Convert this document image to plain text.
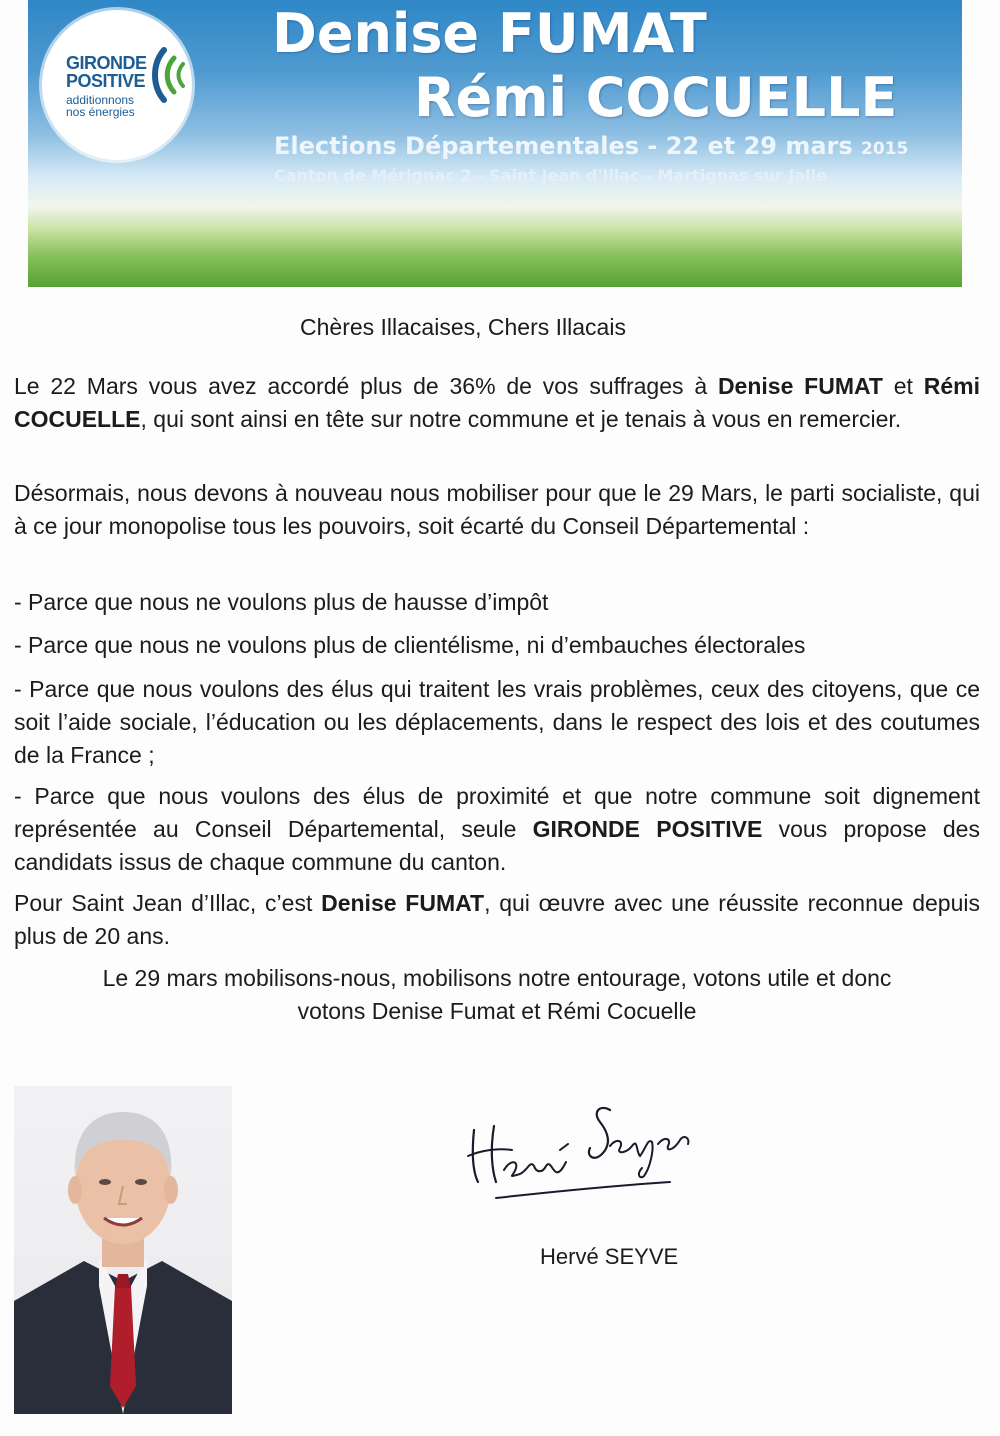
GIRONDE
POSITIVE
additionnons
nos énergies
Denise FUMAT
Rémi COCUELLE
Elections Départementales - 22 et 29 mars 2015
Canton de Mérignac 2 - Saint Jean d'Illac - Martignas sur Jalle
Chères Illacaises, Chers Illacais
Le 22 Mars vous avez accordé plus de 36% de vos suffrages à Denise FUMAT et Rémi COCUELLE, qui sont ainsi en tête sur notre commune et je tenais à vous en remercier.
Désormais, nous devons à nouveau nous mobiliser pour que le 29 Mars, le parti socialiste, qui à ce jour monopolise tous les pouvoirs, soit écarté du Conseil Départemental :
- Parce que nous ne voulons plus de hausse d’impôt
- Parce que nous ne voulons plus de clientélisme, ni d’embauches électorales
- Parce que nous voulons des élus qui traitent les vrais problèmes, ceux des citoyens, que ce soit l’aide sociale, l’éducation ou les déplacements, dans le respect des lois et des coutumes de la France ;
- Parce que nous voulons des élus de proximité et que notre commune soit dignement représentée au Conseil Départemental, seule GIRONDE POSITIVE vous propose des candidats issus de chaque commune du canton.
Pour Saint Jean d’Illac, c’est Denise FUMAT, qui œuvre avec une réussite reconnue depuis plus de 20 ans.
Le 29 mars mobilisons-nous, mobilisons notre entourage, votons utile et donc
votons Denise Fumat et Rémi Cocuelle
Hervé SEYVE
